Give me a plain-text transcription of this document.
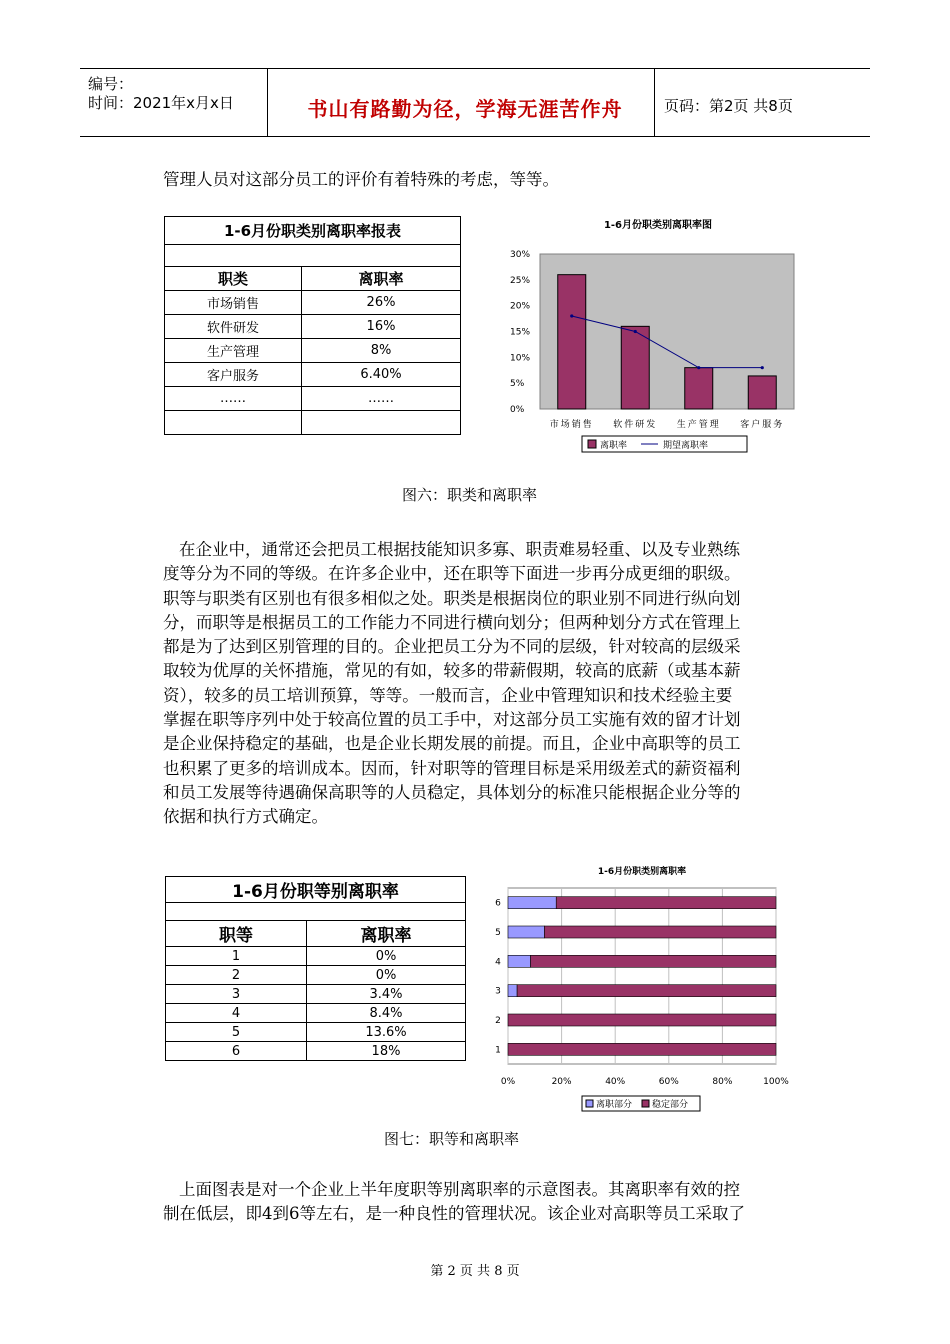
编号：
时间：2021年x月x日	书山有路勤为径，学海无涯苦作舟	页码：第2页 共8页
管理人员对这部分员工的评价有着特殊的考虑，等等。
1-6月份职类别离职率报表	

职类	离职率
市场销售	26%
软件研发	16%
生产管理	8%
客户服务	6.40%
……	……

1-6月份职类别离职率图
0%
5%
10%
15%
20%
25%
30%
市场销售 软件研发 生产管理 客户服务
离职率	期望离职率
图六：职类和离职率
在企业中，通常还会把员工根据技能知识多寡、职责难易轻重、以及专业熟练
度等分为不同的等级。在许多企业中，还在职等下面进一步再分成更细的职级。
职等与职类有区别也有很多相似之处。职类是根据岗位的职业别不同进行纵向划
分，而职等是根据员工的工作能力不同进行横向划分；但两种划分方式在管理上
都是为了达到区别管理的目的。企业把员工分为不同的层级，针对较高的层级采
取较为优厚的关怀措施，常见的有如，较多的带薪假期，较高的底薪（或基本薪
资），较多的员工培训预算，等等。一般而言，企业中管理知识和技术经验主要
掌握在职等序列中处于较高位置的员工手中，对这部分员工实施有效的留才计划
是企业保持稳定的基础，也是企业长期发展的前提。而且，企业中高职等的员工
也积累了更多的培训成本。因而，针对职等的管理目标是采用级差式的薪资福利
和员工发展等待遇确保高职等的人员稳定，具体划分的标准只能根据企业分等的
依据和执行方式确定。
1-6月份职等别离职率	

职等	离职率
1	0%
2	0%
3	3.4%
4	8.4%
5	13.6%
6	18%
1-6月份职类别离职率
1
2
3
4
5
6
0%	20%	40%	60%	80%	100%
离职部分 稳定部分
图七：职等和离职率
上面图表是对一个企业上半年度职等别离职率的示意图表。其离职率有效的控
制在低层，即4到6等左右，是一种良性的管理状况。该企业对高职等员工采取了
第 2 页 共 8 页
